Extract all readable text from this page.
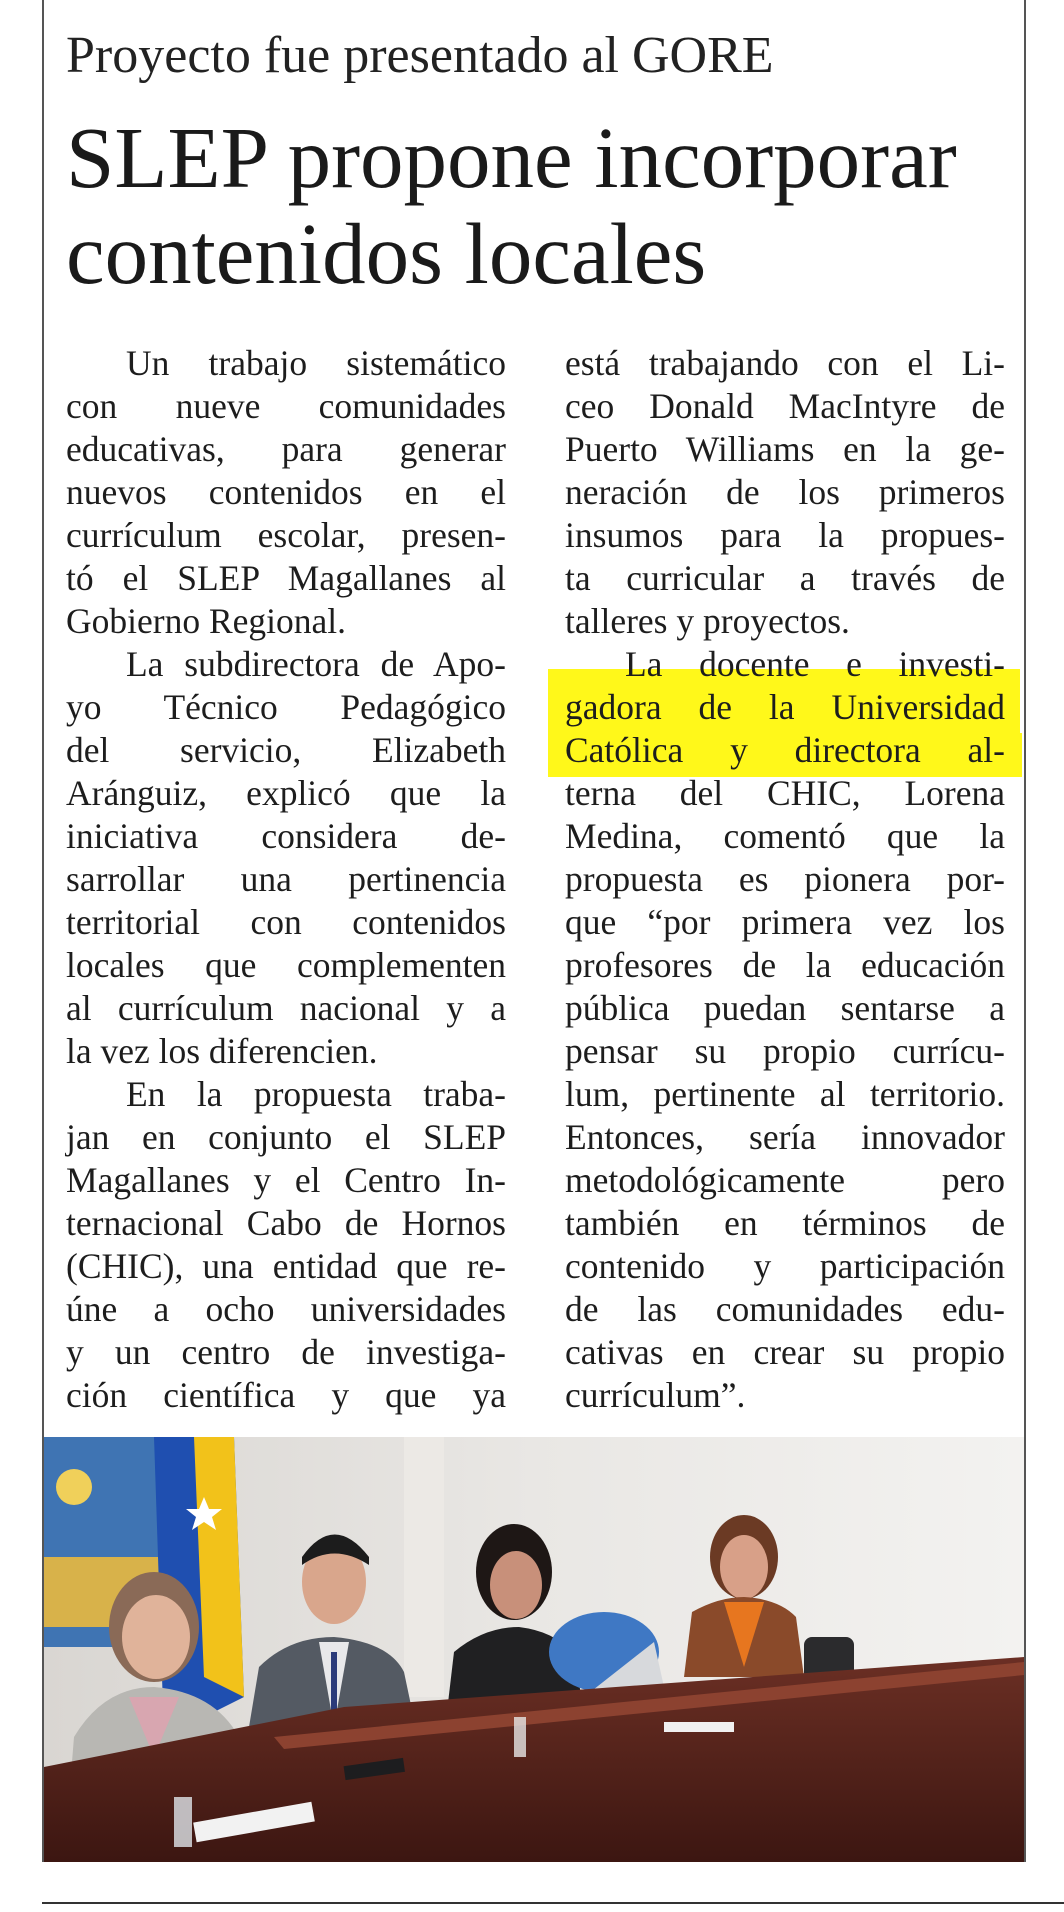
Proyecto fue presentado al GORE
SLEP propone incorporar
contenidos locales
Un trabajo sistemático
con nueve comunidades
educativas, para generar
nuevos contenidos en el
currículum escolar, presen-
tó el SLEP Magallanes al
Gobierno Regional.
La subdirectora de Apo-
yo Técnico Pedagógico
del servicio, Elizabeth
Aránguiz, explicó que la
iniciativa considera de-
sarrollar una pertinencia
territorial con contenidos
locales que complementen
al currículum nacional y a
la vez los diferencien.
En la propuesta traba-
jan en conjunto el SLEP
Magallanes y el Centro In-
ternacional Cabo de Hornos
(CHIC), una entidad que re-
úne a ocho universidades
y un centro de investiga-
ción científica y que ya
está trabajando con el Li-
ceo Donald MacIntyre de
Puerto Williams en la ge-
neración de los primeros
insumos para la propues-
ta curricular a través de
talleres y proyectos.
La docente e investi-
gadora de la Universidad
Católica y directora al-
terna del CHIC, Lorena
Medina, comentó que la
propuesta es pionera por-
que “por primera vez los
profesores de la educación
pública puedan sentarse a
pensar su propio currícu-
lum, pertinente al territorio.
Entonces, sería innovador
metodológicamente pero
también en términos de
contenido y participación
de las comunidades edu-
cativas en crear su propio
currículum”.
